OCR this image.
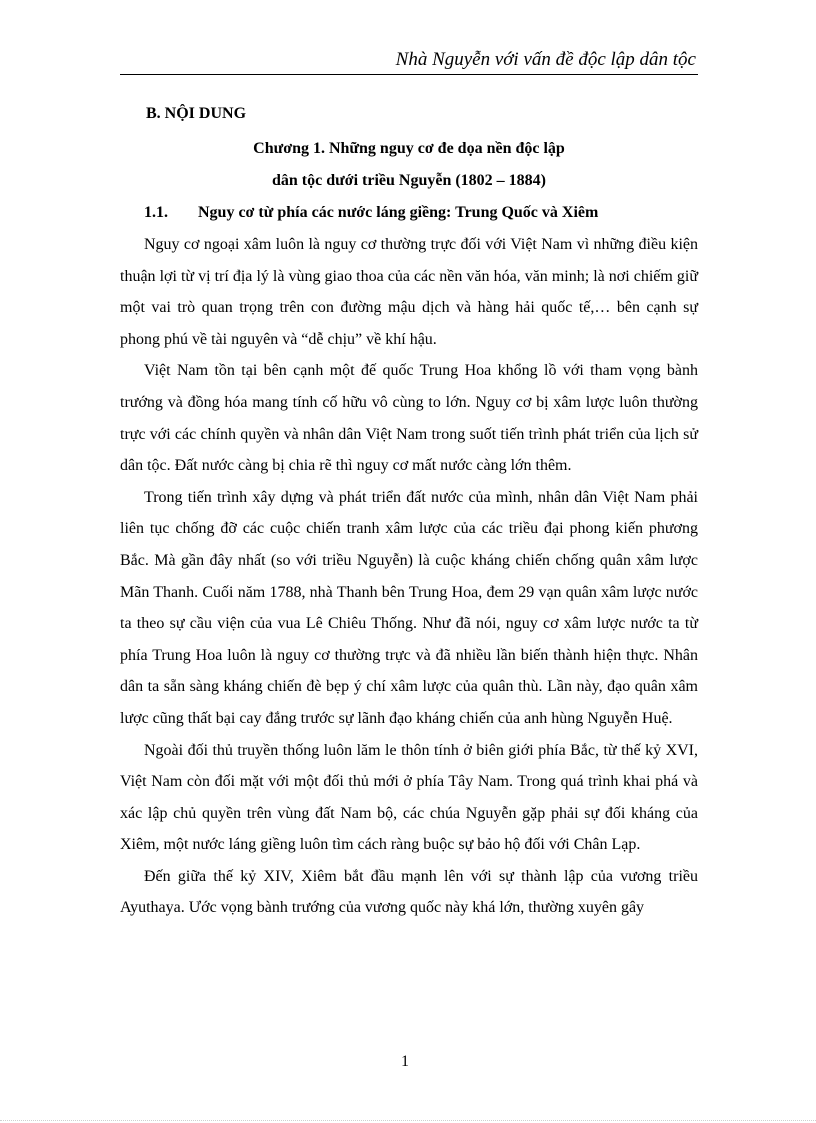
Nhà Nguyễn với vấn đề độc lập dân tộc
B. NỘI DUNG
Chương 1. Những nguy cơ đe dọa nền độc lập
dân tộc dưới triều Nguyễn (1802 – 1884)
1.1. Nguy cơ từ phía các nước láng giềng: Trung Quốc và Xiêm

Nguy cơ ngoại xâm luôn là nguy cơ thường trực đối với Việt Nam vì những điều kiện thuận lợi từ vị trí địa lý là vùng giao thoa của các nền văn hóa, văn minh; là nơi chiếm giữ một vai trò quan trọng trên con đường mậu dịch và hàng hải quốc tế,… bên cạnh sự phong phú về tài nguyên và “dễ chịu” về khí hậu.

Việt Nam tồn tại bên cạnh một đế quốc Trung Hoa khổng lồ với tham vọng bành trướng và đồng hóa mang tính cố hữu vô cùng to lớn. Nguy cơ bị xâm lược luôn thường trực với các chính quyền và nhân dân Việt Nam trong suốt tiến trình phát triển của lịch sử dân tộc. Đất nước càng bị chia rẽ thì nguy cơ mất nước càng lớn thêm.

Trong tiến trình xây dựng và phát triển đất nước của mình, nhân dân Việt Nam phải liên tục chống đỡ các cuộc chiến tranh xâm lược của các triều đại phong kiến phương Bắc. Mà gần đây nhất (so với triều Nguyễn) là cuộc kháng chiến chống quân xâm lược Mãn Thanh. Cuối năm 1788, nhà Thanh bên Trung Hoa, đem 29 vạn quân xâm lược nước ta theo sự cầu viện của vua Lê Chiêu Thống. Như đã nói, nguy cơ xâm lược nước ta từ phía Trung Hoa luôn là nguy cơ thường trực và đã nhiều lần biến thành hiện thực. Nhân dân ta sẵn sàng kháng chiến đè bẹp ý chí xâm lược của quân thù. Lần này, đạo quân xâm lược cũng thất bại cay đắng trước sự lãnh đạo kháng chiến của anh hùng Nguyễn Huệ.

Ngoài đối thủ truyền thống luôn lăm le thôn tính ở biên giới phía Bắc, từ thế kỷ XVI, Việt Nam còn đối mặt với một đối thủ mới ở phía Tây Nam. Trong quá trình khai phá và xác lập chủ quyền trên vùng đất Nam bộ, các chúa Nguyễn gặp phải sự đối kháng của Xiêm, một nước láng giềng luôn tìm cách ràng buộc sự bảo hộ đối với Chân Lạp.

Đến giữa thế kỷ XIV, Xiêm bắt đầu mạnh lên với sự thành lập của vương triều Ayuthaya. Ước vọng bành trướng của vương quốc này khá lớn, thường xuyên gây

1
